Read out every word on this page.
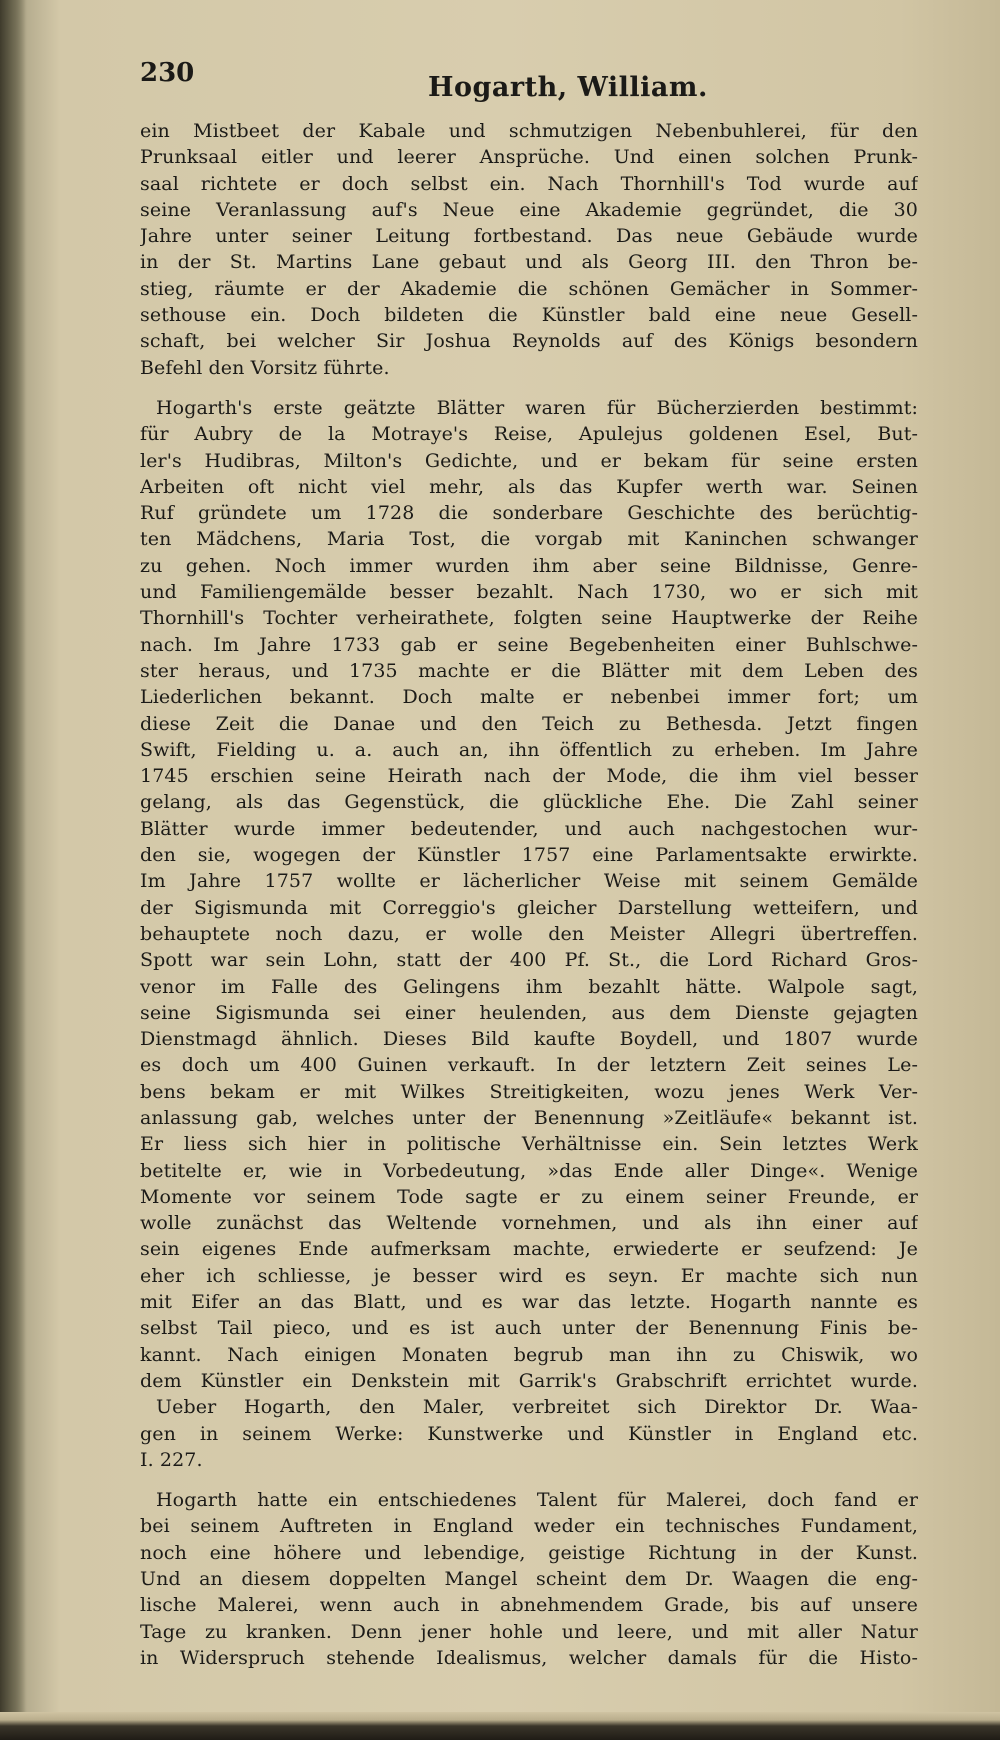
230	Hogarth, William.
ein Mistbeet der Kabale und schmutzigen Nebenbuhlerei, für den
Prunksaal eitler und leerer Ansprüche. Und einen solchen Prunk-
saal richtete er doch selbst ein. Nach Thornhill's Tod wurde auf
seine Veranlassung auf's Neue eine Akademie gegründet, die 30
Jahre unter seiner Leitung fortbestand. Das neue Gebäude wurde
in der St. Martins Lane gebaut und als Georg III. den Thron be-
stieg, räumte er der Akademie die schönen Gemächer in Sommer-
sethouse ein. Doch bildeten die Künstler bald eine neue Gesell-
schaft, bei welcher Sir Joshua Reynolds auf des Königs besondern
Befehl den Vorsitz führte.
Hogarth's erste geätzte Blätter waren für Bücherzierden bestimmt:
für Aubry de la Motraye's Reise, Apulejus goldenen Esel, But-
ler's Hudibras, Milton's Gedichte, und er bekam für seine ersten
Arbeiten oft nicht viel mehr, als das Kupfer werth war. Seinen
Ruf gründete um 1728 die sonderbare Geschichte des berüchtig-
ten Mädchens, Maria Tost, die vorgab mit Kaninchen schwanger
zu gehen. Noch immer wurden ihm aber seine Bildnisse, Genre-
und Familiengemälde besser bezahlt. Nach 1730, wo er sich mit
Thornhill's Tochter verheirathete, folgten seine Hauptwerke der Reihe
nach. Im Jahre 1733 gab er seine Begebenheiten einer Buhlschwe-
ster heraus, und 1735 machte er die Blätter mit dem Leben des
Liederlichen bekannt. Doch malte er nebenbei immer fort; um
diese Zeit die Danae und den Teich zu Bethesda. Jetzt fingen
Swift, Fielding u. a. auch an, ihn öffentlich zu erheben. Im Jahre
1745 erschien seine Heirath nach der Mode, die ihm viel besser
gelang, als das Gegenstück, die glückliche Ehe. Die Zahl seiner
Blätter wurde immer bedeutender, und auch nachgestochen wur-
den sie, wogegen der Künstler 1757 eine Parlamentsakte erwirkte.
Im Jahre 1757 wollte er lächerlicher Weise mit seinem Gemälde
der Sigismunda mit Correggio's gleicher Darstellung wetteifern, und
behauptete noch dazu, er wolle den Meister Allegri übertreffen.
Spott war sein Lohn, statt der 400 Pf. St., die Lord Richard Gros-
venor im Falle des Gelingens ihm bezahlt hätte. Walpole sagt,
seine Sigismunda sei einer heulenden, aus dem Dienste gejagten
Dienstmagd ähnlich. Dieses Bild kaufte Boydell, und 1807 wurde
es doch um 400 Guinen verkauft. In der letztern Zeit seines Le-
bens bekam er mit Wilkes Streitigkeiten, wozu jenes Werk Ver-
anlassung gab, welches unter der Benennung »Zeitläufe« bekannt ist.
Er liess sich hier in politische Verhältnisse ein. Sein letztes Werk
betitelte er, wie in Vorbedeutung, »das Ende aller Dinge«. Wenige
Momente vor seinem Tode sagte er zu einem seiner Freunde, er
wolle zunächst das Weltende vornehmen, und als ihn einer auf
sein eigenes Ende aufmerksam machte, erwiederte er seufzend: Je
eher ich schliesse, je besser wird es seyn. Er machte sich nun
mit Eifer an das Blatt, und es war das letzte. Hogarth nannte es
selbst Tail pieco, und es ist auch unter der Benennung Finis be-
kannt. Nach einigen Monaten begrub man ihn zu Chiswik, wo
dem Künstler ein Denkstein mit Garrik's Grabschrift errichtet wurde.
Ueber Hogarth, den Maler, verbreitet sich Direktor Dr. Waa-
gen in seinem Werke: Kunstwerke und Künstler in England etc.
I. 227.
Hogarth hatte ein entschiedenes Talent für Malerei, doch fand er
bei seinem Auftreten in England weder ein technisches Fundament,
noch eine höhere und lebendige, geistige Richtung in der Kunst.
Und an diesem doppelten Mangel scheint dem Dr. Waagen die eng-
lische Malerei, wenn auch in abnehmendem Grade, bis auf unsere
Tage zu kranken. Denn jener hohle und leere, und mit aller Natur
in Widerspruch stehende Idealismus, welcher damals für die Histo-
